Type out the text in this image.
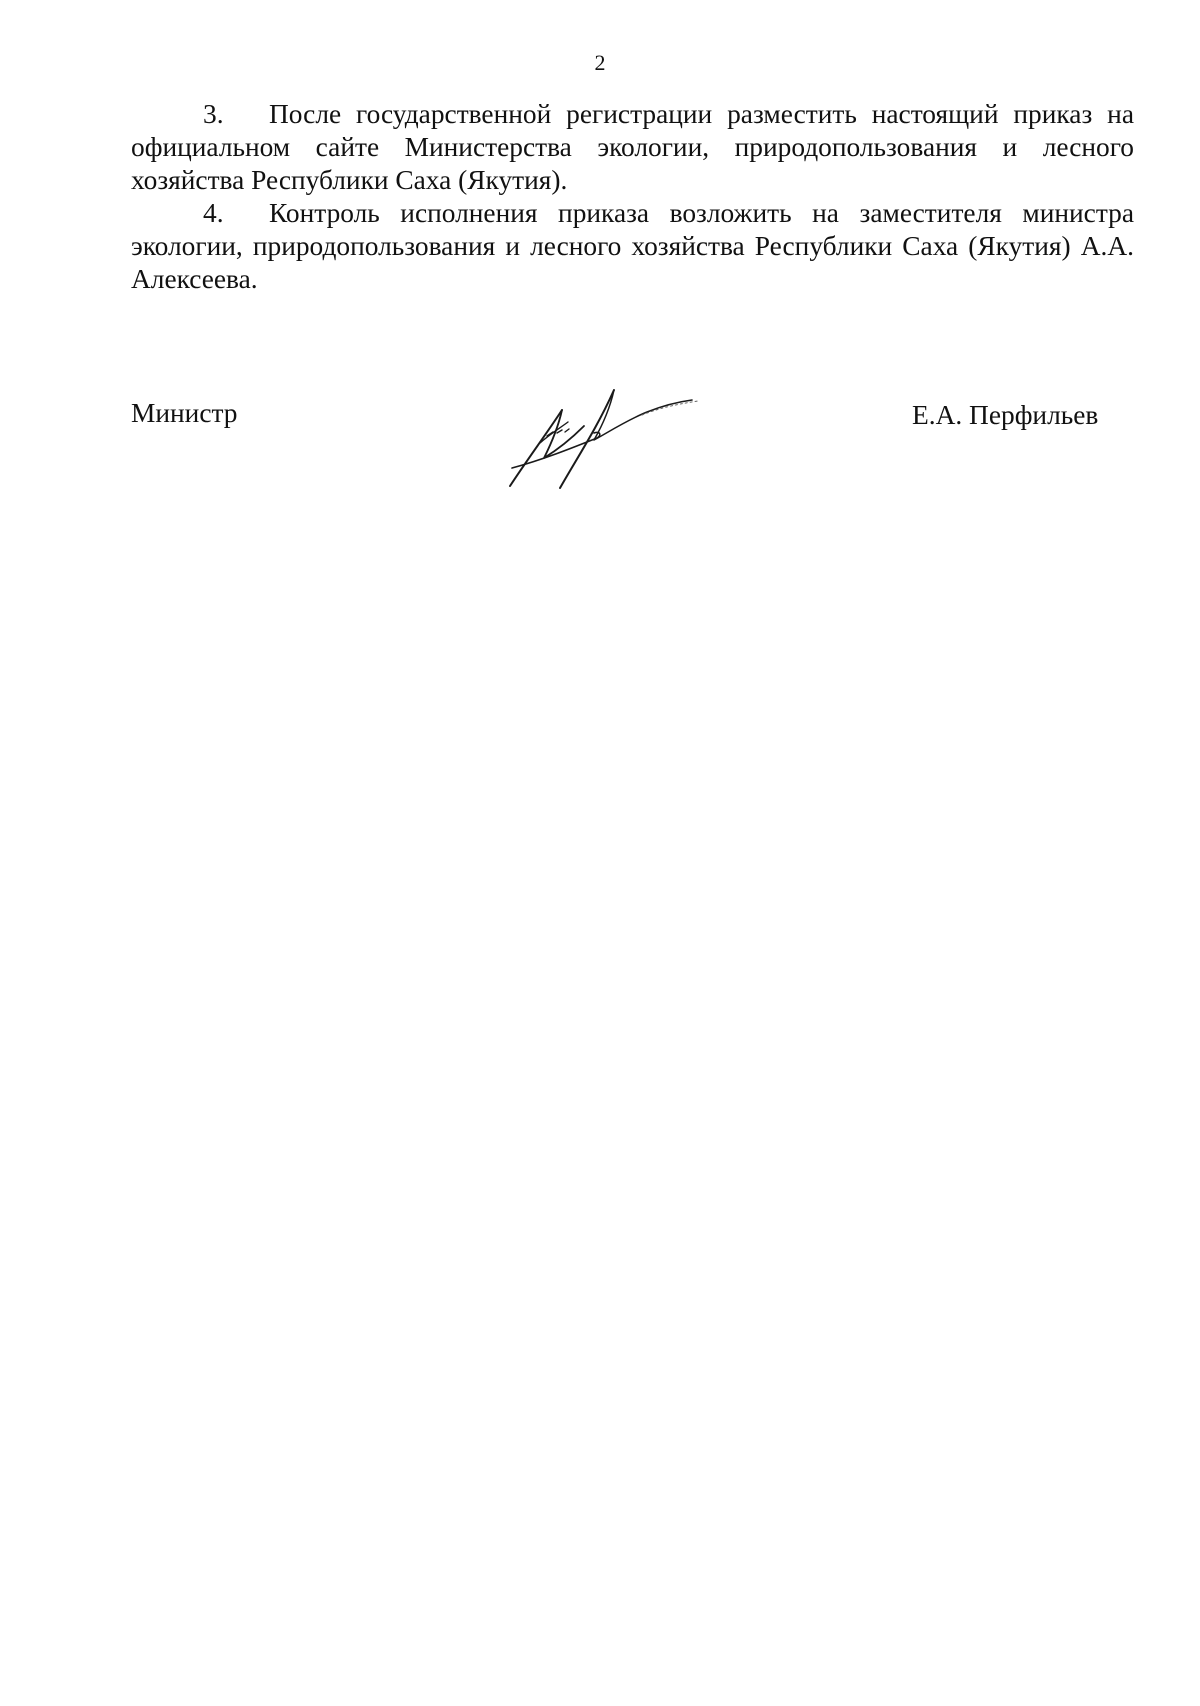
2

3. После государственной регистрации разместить настоящий приказ на официальном сайте Министерства экологии, природопользования и лесного хозяйства Республики Саха (Якутия).

4. Контроль исполнения приказа возложить на заместителя министра экологии, природопользования и лесного хозяйства Республики Саха (Якутия) А.А. Алексеева.

Министр	Е.А. Перфильев
